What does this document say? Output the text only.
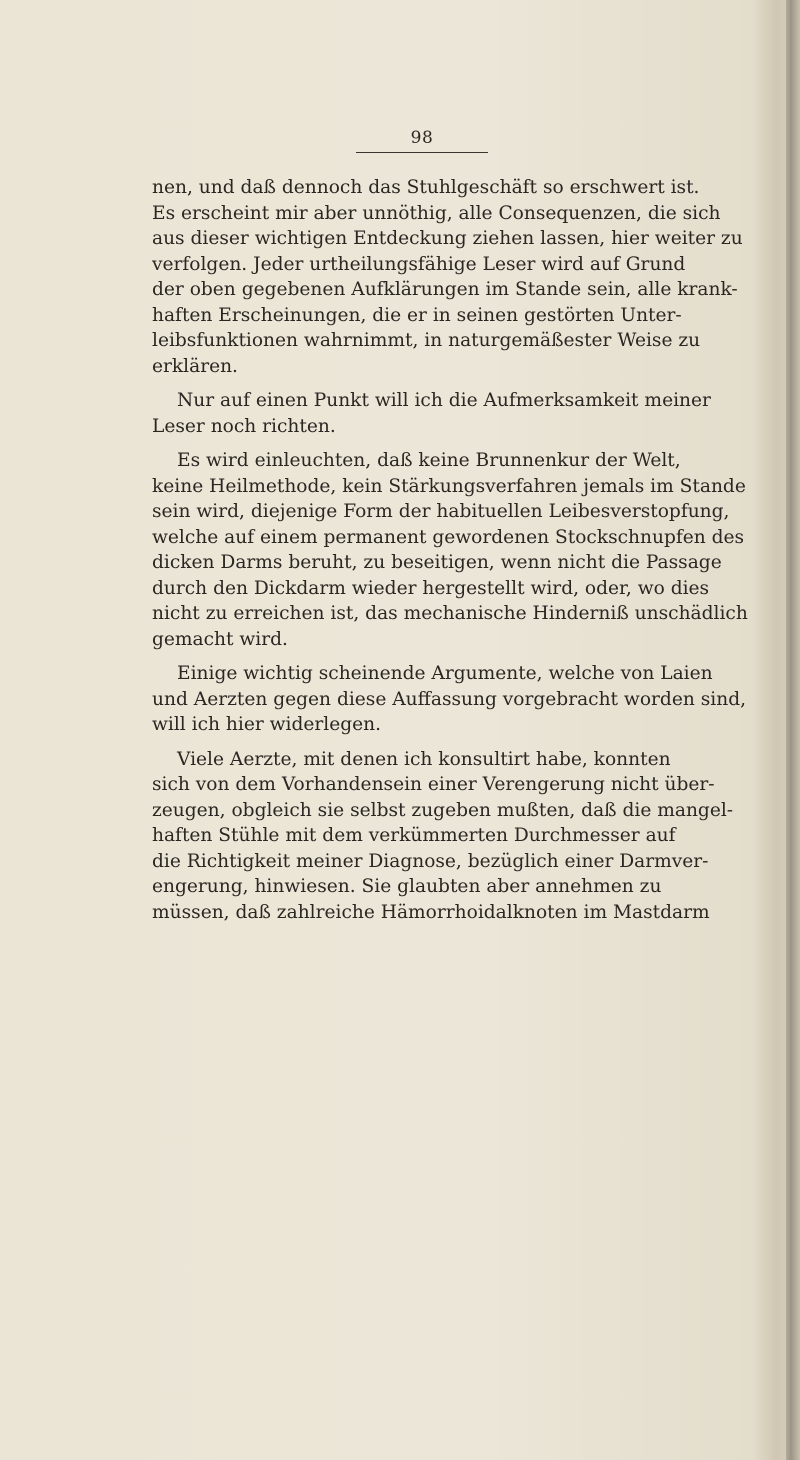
98
nen, und daß dennoch das Stuhlgeschäft so erschwert ist.
Es erscheint mir aber unnöthig, alle Consequenzen, die sich
aus dieser wichtigen Entdeckung ziehen lassen, hier weiter zu
verfolgen. Jeder urtheilungsfähige Leser wird auf Grund
der oben gegebenen Aufklärungen im Stande sein, alle krank-
haften Erscheinungen, die er in seinen gestörten Unter-
leibsfunktionen wahrnimmt, in naturgemäßester Weise zu
erklären.
Nur auf einen Punkt will ich die Aufmerksamkeit meiner
Leser noch richten.
Es wird einleuchten, daß keine Brunnenkur der Welt,
keine Heilmethode, kein Stärkungsverfahren jemals im Stande
sein wird, diejenige Form der habituellen Leibesverstopfung,
welche auf einem permanent gewordenen Stockschnupfen des
dicken Darms beruht, zu beseitigen, wenn nicht die Passage
durch den Dickdarm wieder hergestellt wird, oder, wo dies
nicht zu erreichen ist, das mechanische Hinderniß unschädlich
gemacht wird.
Einige wichtig scheinende Argumente, welche von Laien
und Aerzten gegen diese Auffassung vorgebracht worden sind,
will ich hier widerlegen.
Viele Aerzte, mit denen ich konsultirt habe, konnten
sich von dem Vorhandensein einer Verengerung nicht über-
zeugen, obgleich sie selbst zugeben mußten, daß die mangel-
haften Stühle mit dem verkümmerten Durchmesser auf
die Richtigkeit meiner Diagnose, bezüglich einer Darmver-
engerung, hinwiesen. Sie glaubten aber annehmen zu
müssen, daß zahlreiche Hämorrhoidalknoten im Mastdarm
